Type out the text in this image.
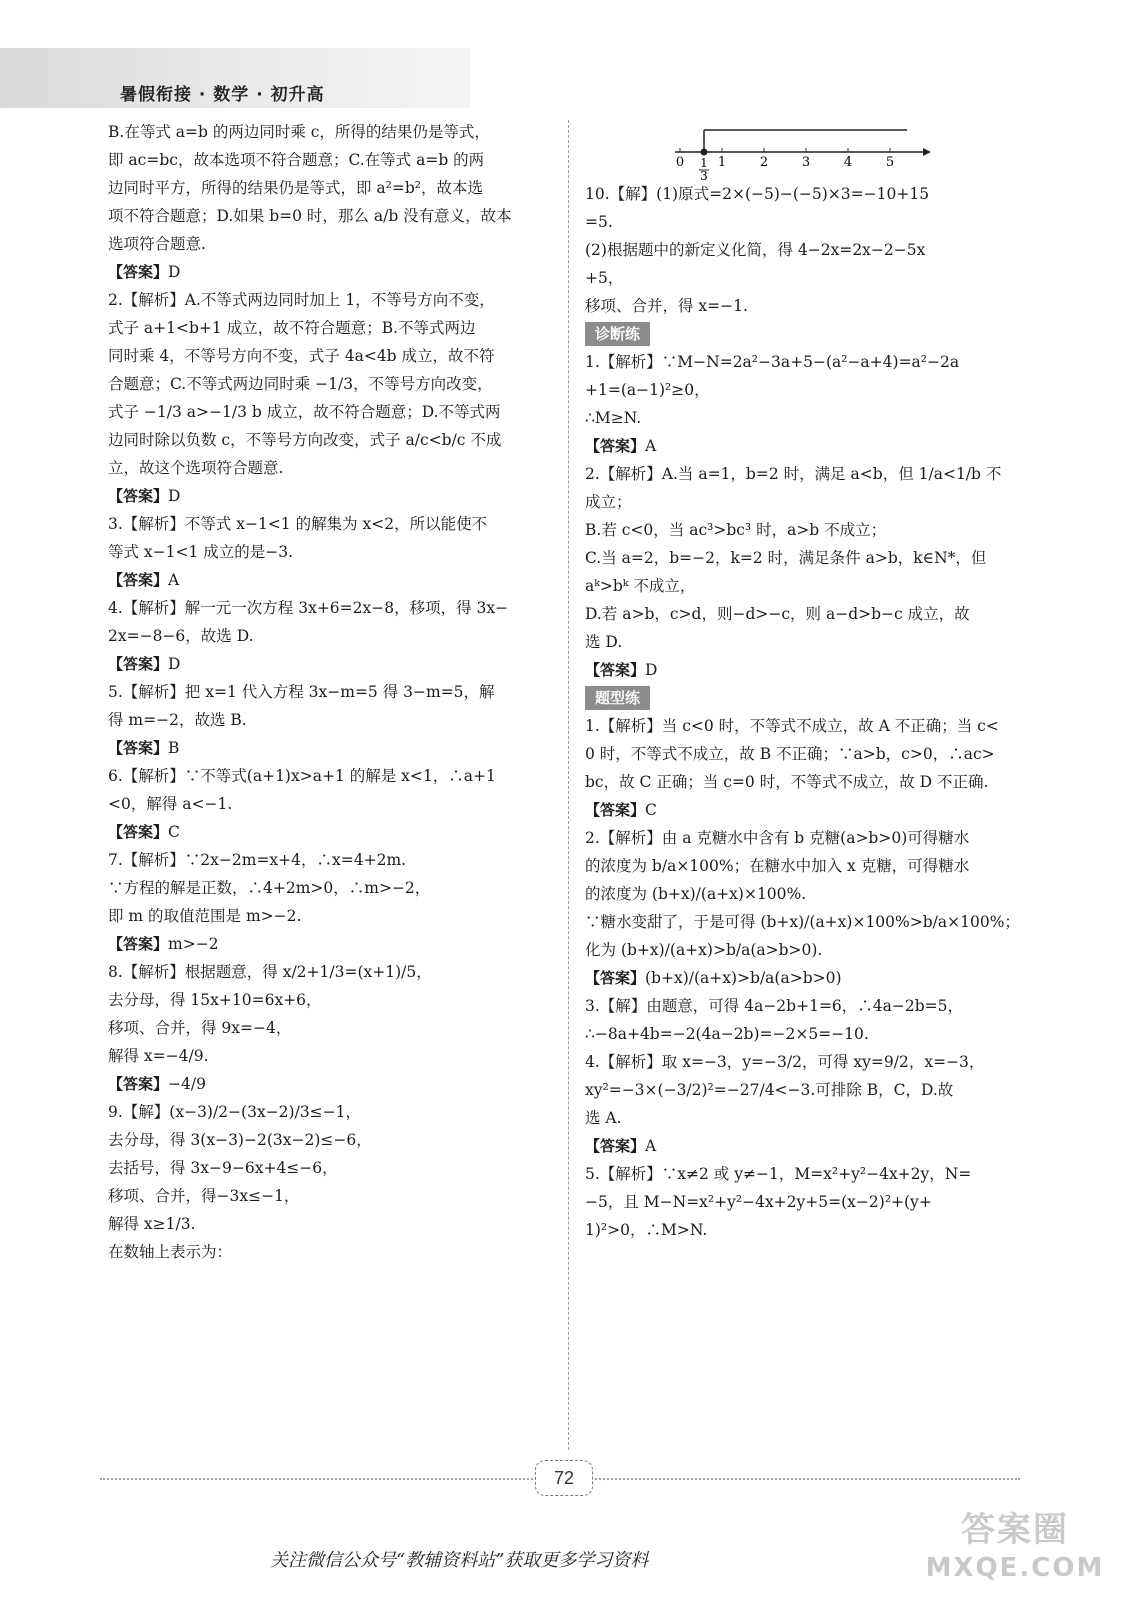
暑假衔接 · 数学 · 初升高
B.在等式 a=b 的两边同时乘 c，所得的结果仍是等式，
即 ac=bc，故本选项不符合题意；C.在等式 a=b 的两
边同时平方，所得的结果仍是等式，即 a²=b²，故本选
项不符合题意；D.如果 b=0 时，那么 a/b 没有意义，故本
选项符合题意.
【答案】D
2.【解析】A.不等式两边同时加上 1，不等号方向不变，
式子 a+1<b+1 成立，故不符合题意；B.不等式两边
同时乘 4，不等号方向不变，式子 4a<4b 成立，故不符
合题意；C.不等式两边同时乘 −1/3，不等号方向改变，
式子 −1/3 a>−1/3 b 成立，故不符合题意；D.不等式两
边同时除以负数 c，不等号方向改变，式子 a/c<b/c 不成
立，故这个选项符合题意.
【答案】D
3.【解析】不等式 x−1<1 的解集为 x<2，所以能使不
等式 x−1<1 成立的是−3.
【答案】A
4.【解析】解一元一次方程 3x+6=2x−8，移项，得 3x−
2x=−8−6，故选 D.
【答案】D
5.【解析】把 x=1 代入方程 3x−m=5 得 3−m=5，解
得 m=−2，故选 B.
【答案】B
6.【解析】∵不等式(a+1)x>a+1 的解是 x<1，∴a+1
<0，解得 a<−1.
【答案】C
7.【解析】∵2x−2m=x+4，∴x=4+2m.
∵方程的解是正数，∴4+2m>0，∴m>−2，
即 m 的取值范围是 m>−2.
【答案】m>−2
8.【解析】根据题意，得 x/2+1/3=(x+1)/5，
去分母，得 15x+10=6x+6，
移项、合并，得 9x=−4，
解得 x=−4/9.
【答案】−4/9
9.【解】(x−3)/2−(3x−2)/3≤−1，
去分母，得 3(x−3)−2(3x−2)≤−6，
去括号，得 3x−9−6x+4≤−6，
移项、合并，得−3x≤−1，
解得 x≥1/3.
在数轴上表示为：
0	1	2	3	4	5
1
3
10.【解】(1)原式=2×(−5)−(−5)×3=−10+15
=5.
(2)根据题中的新定义化简，得 4−2x=2x−2−5x
+5，
移项、合并，得 x=−1.
诊断练
1.【解析】∵M−N=2a²−3a+5−(a²−a+4)=a²−2a
+1=(a−1)²≥0，
∴M≥N.
【答案】A
2.【解析】A.当 a=1，b=2 时，满足 a<b，但 1/a<1/b 不
成立；
B.若 c<0，当 ac³>bc³ 时，a>b 不成立；
C.当 a=2，b=−2，k=2 时，满足条件 a>b，k∈N*，但
aᵏ>bᵏ 不成立，
D.若 a>b，c>d，则−d>−c，则 a−d>b−c 成立，故
选 D.
【答案】D
题型练
1.【解析】当 c<0 时，不等式不成立，故 A 不正确；当 c<
0 时，不等式不成立，故 B 不正确；∵a>b，c>0，∴ac>
bc，故 C 正确；当 c=0 时，不等式不成立，故 D 不正确.
【答案】C
2.【解析】由 a 克糖水中含有 b 克糖(a>b>0)可得糖水
的浓度为 b/a×100%；在糖水中加入 x 克糖，可得糖水
的浓度为 (b+x)/(a+x)×100%.
∵糖水变甜了，于是可得 (b+x)/(a+x)×100%>b/a×100%；
化为 (b+x)/(a+x)>b/a(a>b>0).
【答案】(b+x)/(a+x)>b/a(a>b>0)
3.【解】由题意，可得 4a−2b+1=6，∴4a−2b=5，
∴−8a+4b=−2(4a−2b)=−2×5=−10.
4.【解析】取 x=−3，y=−3/2，可得 xy=9/2，x=−3，
xy²=−3×(−3/2)²=−27/4<−3.可排除 B，C，D.故
选 A.
【答案】A
5.【解析】∵x≠2 或 y≠−1，M=x²+y²−4x+2y，N=
−5，且 M−N=x²+y²−4x+2y+5=(x−2)²+(y+
1)²>0，∴M>N.
72
关注微信公众号“教辅资料站”获取更多学习资料
答案圈
MXQE.COM
